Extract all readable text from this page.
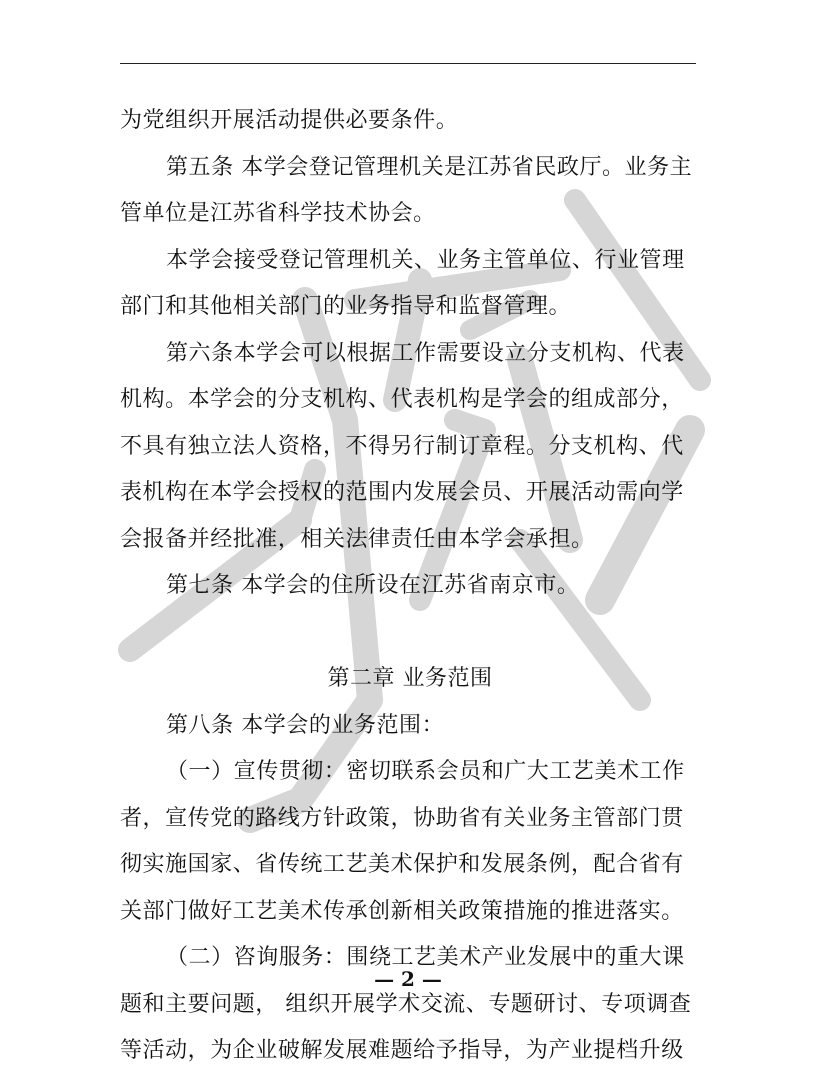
为党组织开展活动提供必要条件。
第五条 本学会登记管理机关是江苏省民政厅。业务主
管单位是江苏省科学技术协会。
本学会接受登记管理机关、业务主管单位、行业管理
部门和其他相关部门的业务指导和监督管理。
第六条本学会可以根据工作需要设立分支机构、代表
机构。本学会的分支机构、代表机构是学会的组成部分，
不具有独立法人资格，不得另行制订章程。分支机构、代
表机构在本学会授权的范围内发展会员、开展活动需向学
会报备并经批准，相关法律责任由本学会承担。
第七条 本学会的住所设在江苏省南京市。
第二章 业务范围
第八条 本学会的业务范围：
（一）宣传贯彻：密切联系会员和广大工艺美术工作
者，宣传党的路线方针政策，协助省有关业务主管部门贯
彻实施国家、省传统工艺美术保护和发展条例，配合省有
关部门做好工艺美术传承创新相关政策措施的推进落实。
（二）咨询服务：围绕工艺美术产业发展中的重大课
题和主要问题， 组织开展学术交流、专题研讨、专项调查
等活动，为企业破解发展难题给予指导，为产业提档升级
— 2 —
